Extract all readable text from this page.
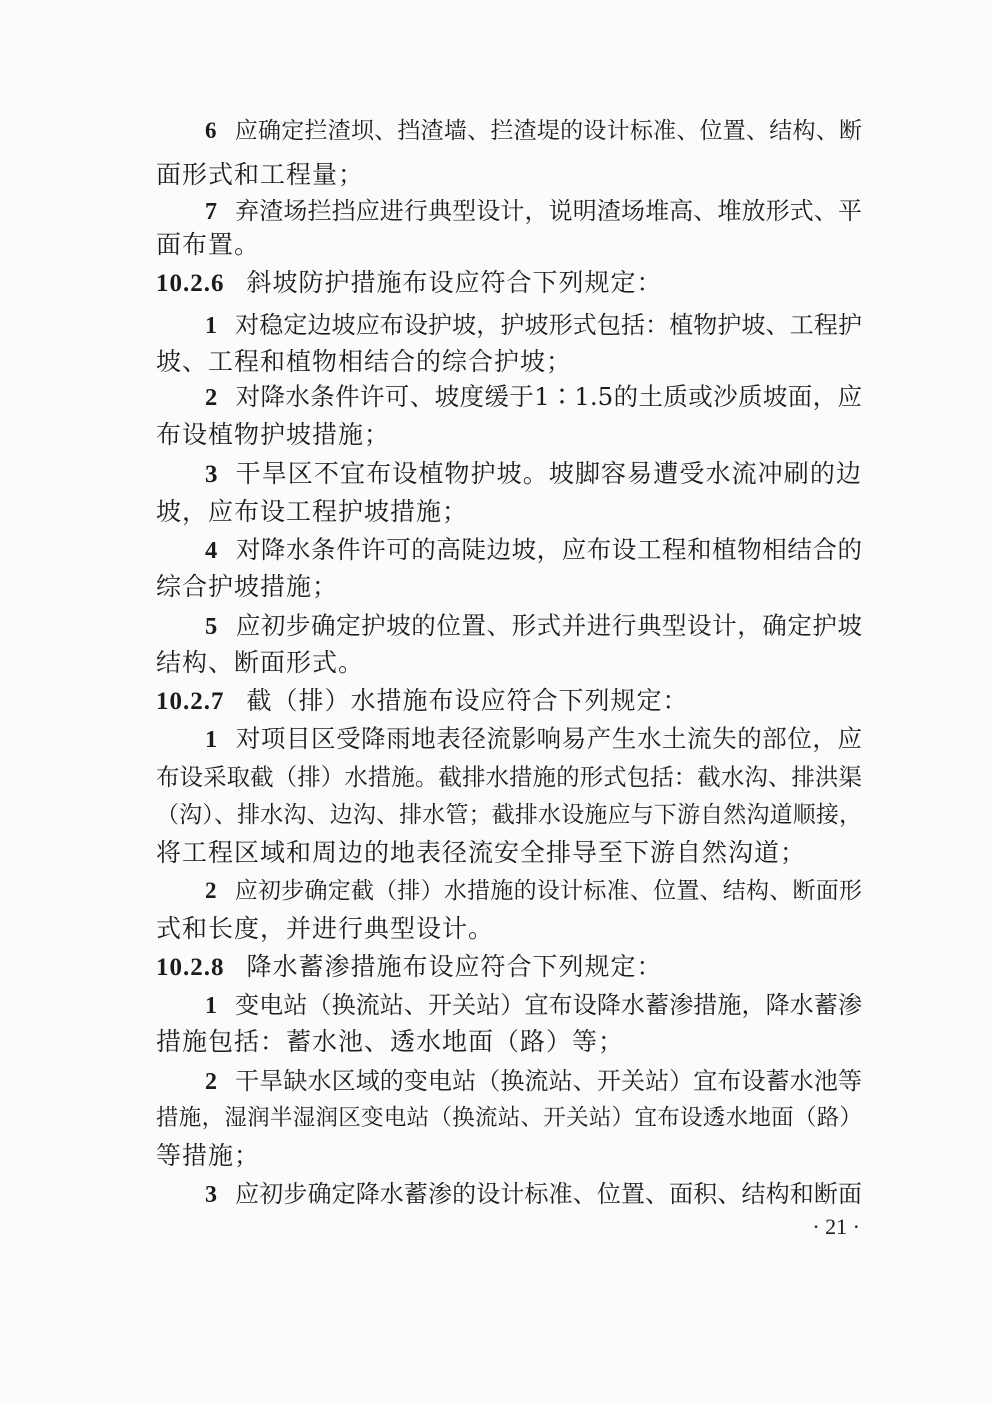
6 应确定拦渣坝、挡渣墙、拦渣堤的设计标准、位置、结构、断
面形式和工程量；
7 弃渣场拦挡应进行典型设计，说明渣场堆高、堆放形式、平
面布置。
10.2.6 斜坡防护措施布设应符合下列规定：
1 对稳定边坡应布设护坡，护坡形式包括：植物护坡、工程护
坡、工程和植物相结合的综合护坡；
2 对降水条件许可、坡度缓于1∶1.5的土质或沙质坡面，应
布设植物护坡措施；
3 干旱区不宜布设植物护坡。坡脚容易遭受水流冲刷的边
坡，应布设工程护坡措施；
4 对降水条件许可的高陡边坡，应布设工程和植物相结合的
综合护坡措施；
5 应初步确定护坡的位置、形式并进行典型设计，确定护坡
结构、断面形式。
10.2.7 截（排）水措施布设应符合下列规定：
1 对项目区受降雨地表径流影响易产生水土流失的部位，应
布设采取截（排）水措施。截排水措施的形式包括：截水沟、排洪渠
（沟）、排水沟、边沟、排水管；截排水设施应与下游自然沟道顺接，
将工程区域和周边的地表径流安全排导至下游自然沟道；
2 应初步确定截（排）水措施的设计标准、位置、结构、断面形
式和长度，并进行典型设计。
10.2.8 降水蓄渗措施布设应符合下列规定：
1 变电站（换流站、开关站）宜布设降水蓄渗措施，降水蓄渗
措施包括：蓄水池、透水地面（路）等；
2 干旱缺水区域的变电站（换流站、开关站）宜布设蓄水池等
措施，湿润半湿润区变电站（换流站、开关站）宜布设透水地面（路）
等措施；
3 应初步确定降水蓄渗的设计标准、位置、面积、结构和断面
· 21 ·
